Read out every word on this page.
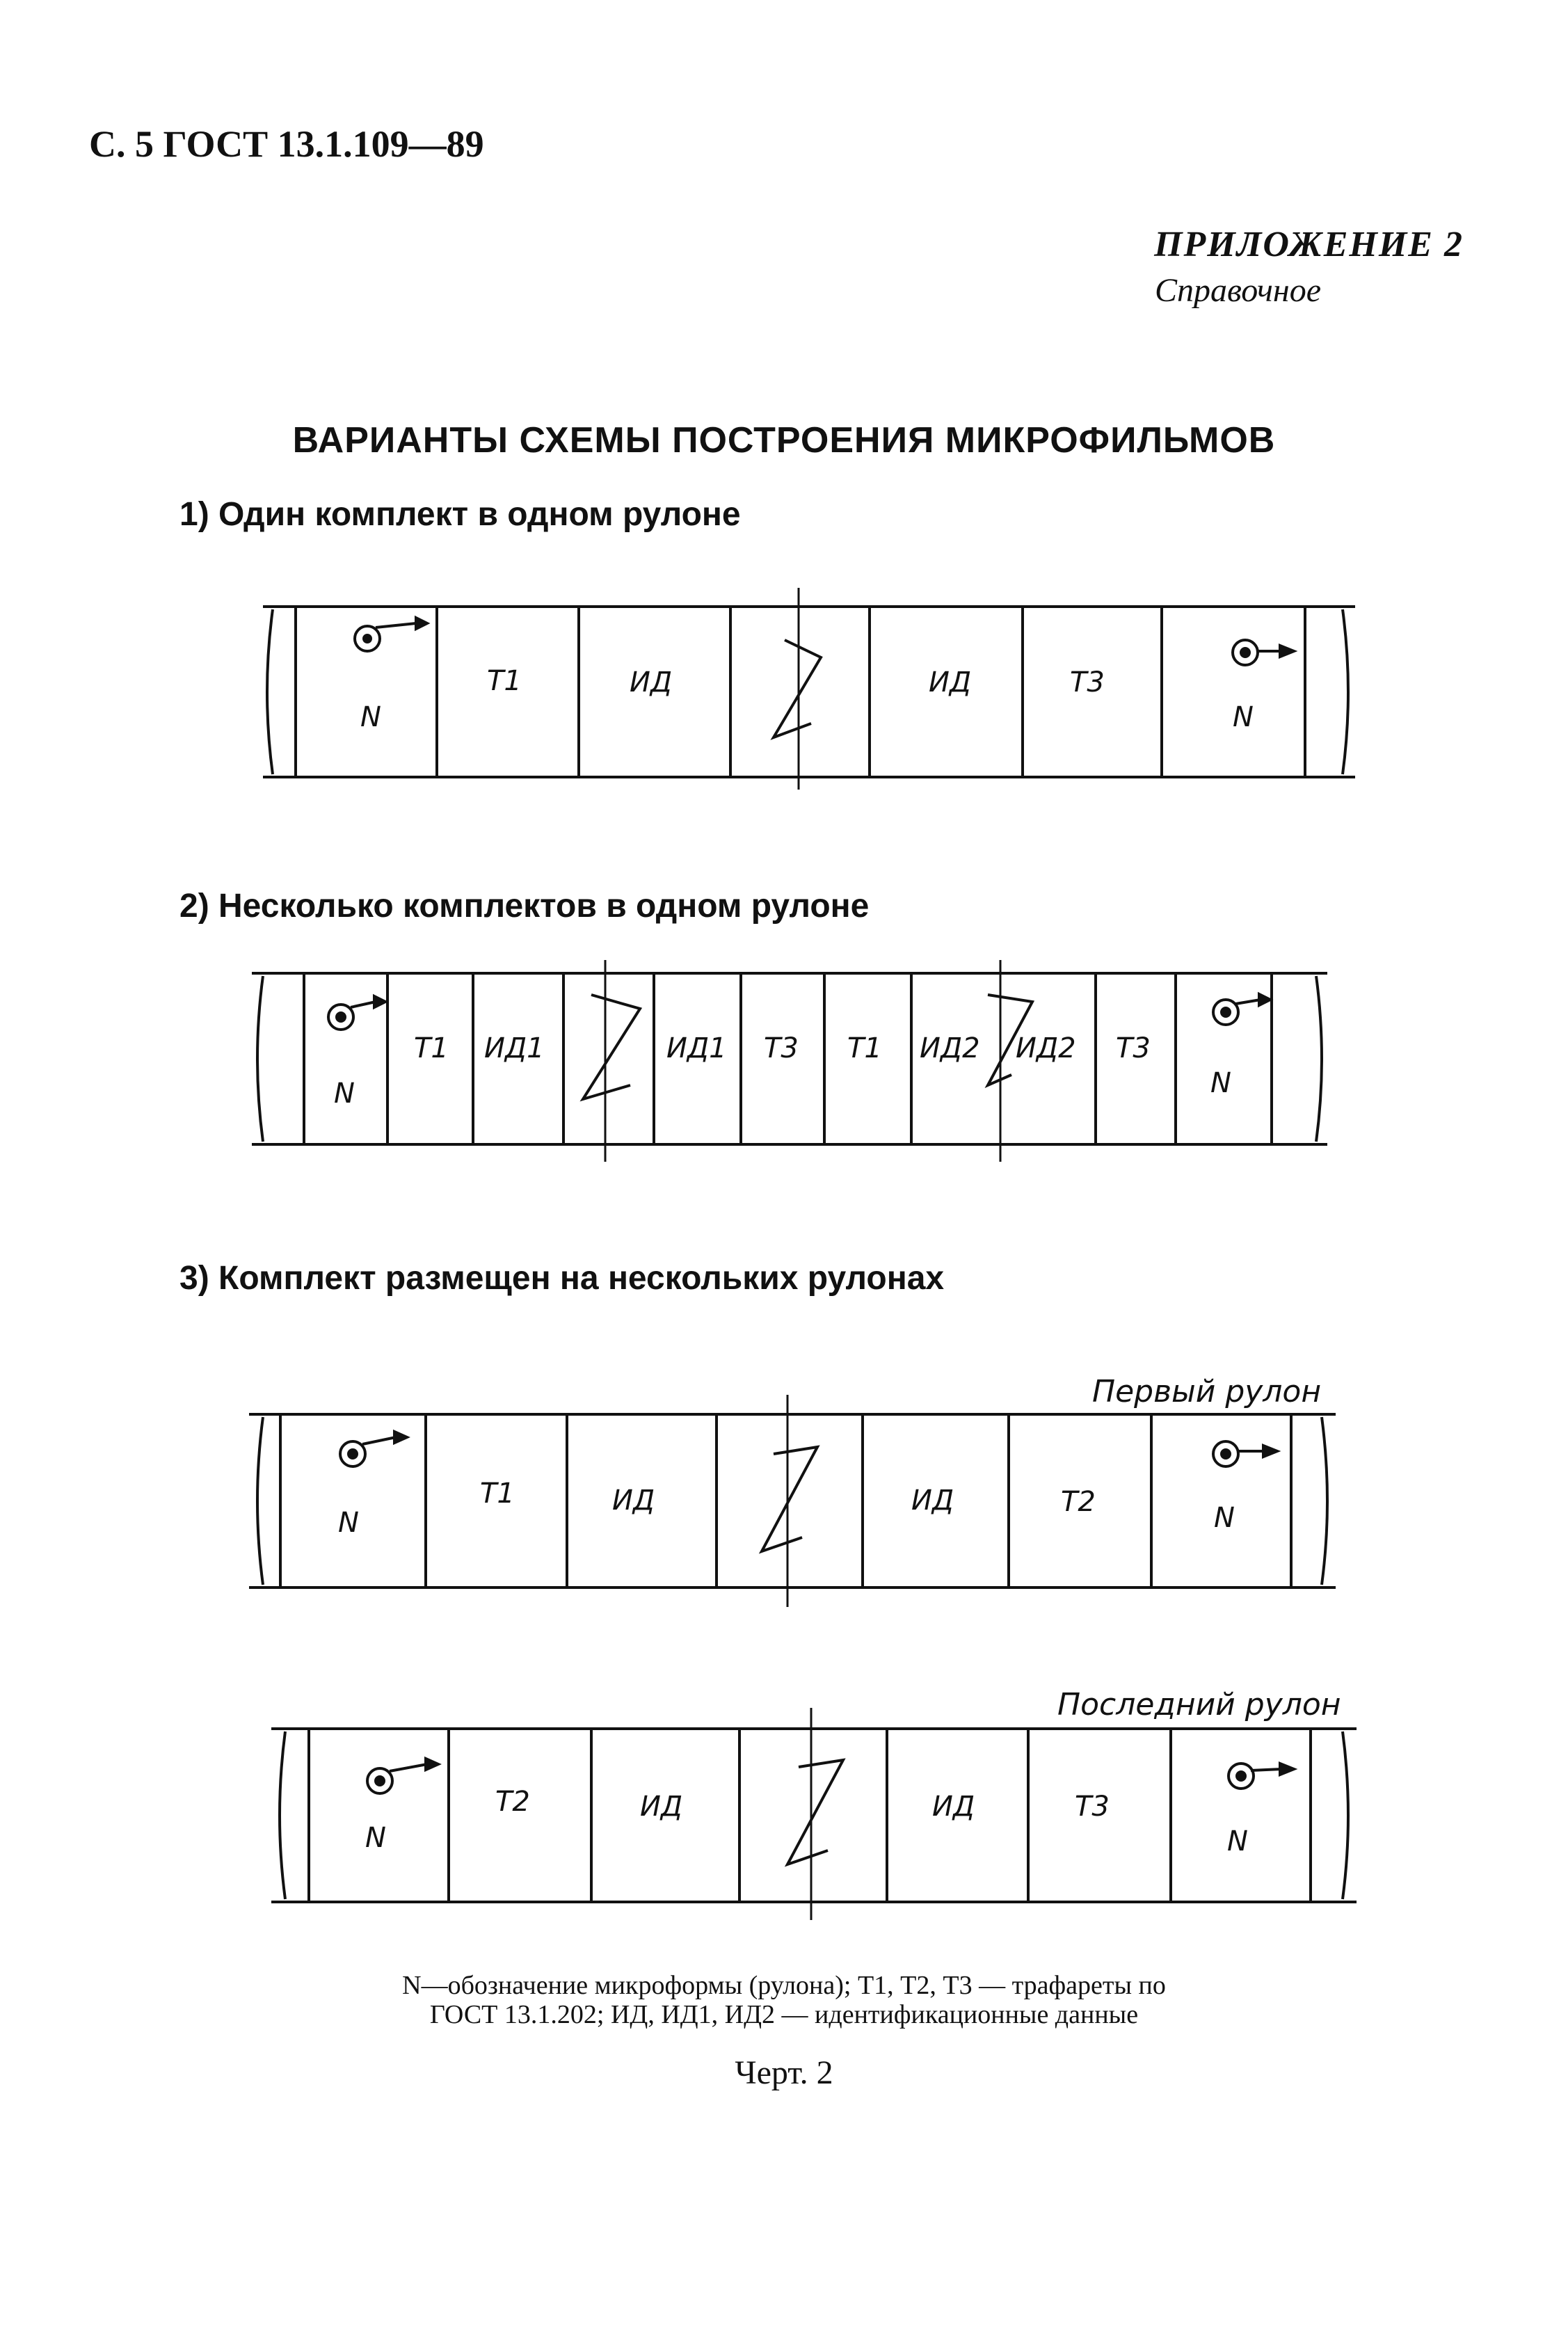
С. 5 ГОСТ 13.1.109—89
ПРИЛОЖЕНИЕ 2
Справочное
ВАРИАНТЫ СХЕМЫ ПОСТРОЕНИЯ МИКРОФИЛЬМОВ
1) Один комплект в одном рулоне
2) Несколько комплектов в одном рулоне
3) Комплект размещен на нескольких рулонах
N
Т1	ИД	ИД	Т3
N
N
Т1 ИД1	ИД1 Т3 Т1 ИД2 ИД2 Т3
N
Первый рулон
Последний рулон
N
Т1	ИД	ИД	Т2	N
N
Т2	ИД	ИД	Т3
N
N—обозначение микроформы (рулона); Т1, Т2, Т3 — трафареты по
ГОСТ 13.1.202; ИД, ИД1, ИД2 — идентификационные данные
Черт. 2
